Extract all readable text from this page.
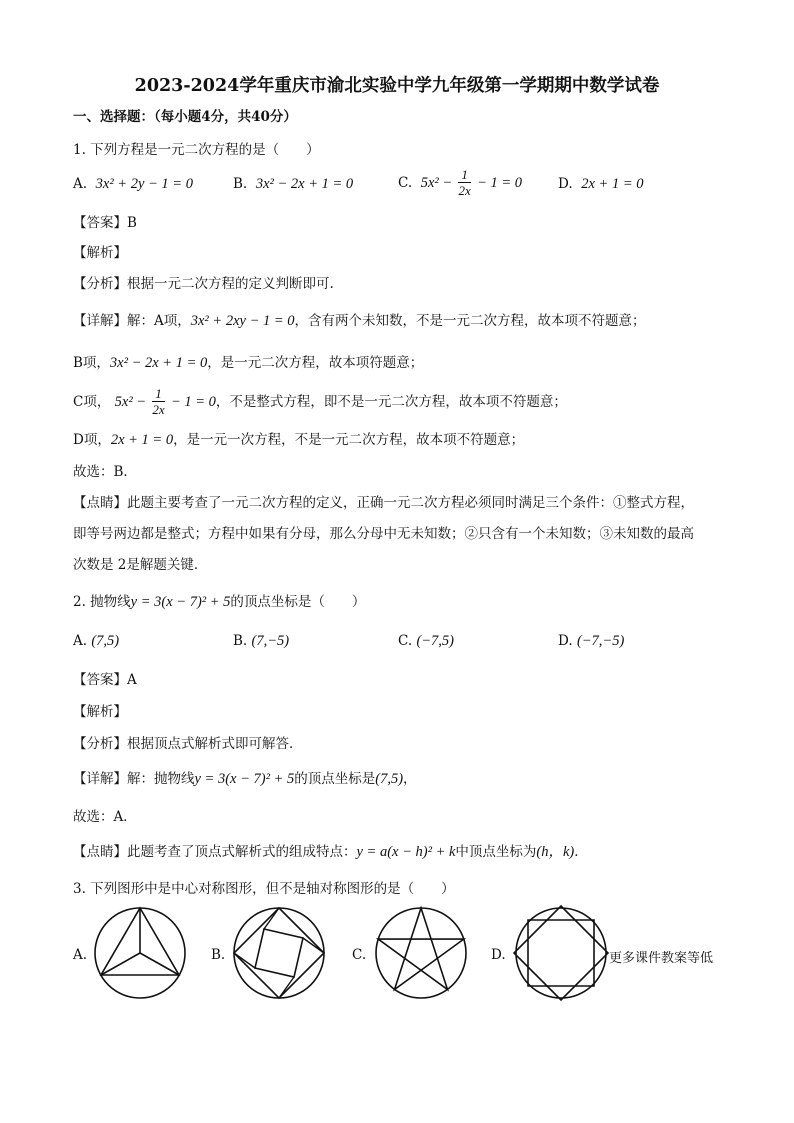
2023-2024学年重庆市渝北实验中学九年级第一学期期中数学试卷
一、选择题：（每小题4分，共40分）
1. 下列方程是一元二次方程的是（　　）
A. 3x² + 2y − 1 = 0	B. 3x² − 2x + 1 = 0	C. $5x^2 - \frac{1}{2x} - 1 = 0$	D. 2x + 1 = 0
【答案】B
【解析】
【分析】根据一元二次方程的定义判断即可.
【详解】解：A项，3x² + 2xy − 1 = 0，含有两个未知数，不是一元二次方程，故本项不符题意；
B项，3x² − 2x + 1 = 0，是一元二次方程，故本项符题意；
C项， $5x^2 - \frac{1}{2x} - 1 = 0$，不是整式方程，即不是一元二次方程，故本项不符题意；
D项，2x + 1 = 0，是一元一次方程，不是一元二次方程，故本项不符题意；
故选：B．
【点睛】此题主要考查了一元二次方程的定义，正确一元二次方程必须同时满足三个条件：①整式方程，
即等号两边都是整式；方程中如果有分母，那么分母中无未知数；②只含有一个未知数；③未知数的最高
次数是 2是解题关键．
2. 抛物线y = 3(x − 7)² + 5的顶点坐标是（　　）
A. (7,5)	B. (7,−5)	C. (−7,5)	D. (−7,−5)
【答案】A
【解析】
【分析】根据顶点式解析式即可解答．
【详解】解：抛物线y = 3(x − 7)² + 5的顶点坐标是(7,5)，
故选：A．
【点睛】此题考查了顶点式解析式的组成特点：y = a(x − h)² + k中顶点坐标为(h，k)．
3. 下列图形中是中心对称图形，但不是轴对称图形的是（　　）
A.	B.	C.	D.	更多课件教案等低
